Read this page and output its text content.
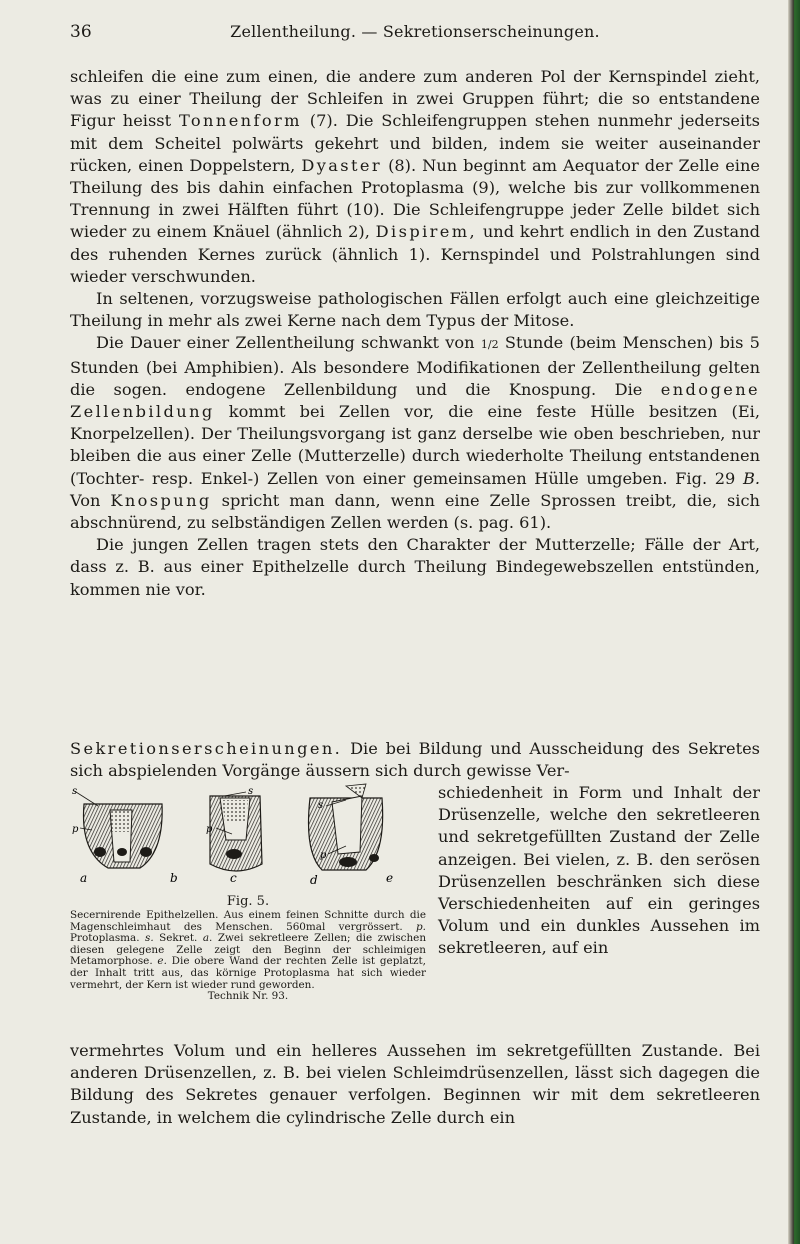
36	Zellentheilung. — Sekretionserscheinungen.

schleifen die eine zum einen, die andere zum anderen Pol der Kernspindel zieht, was zu einer Theilung der Schleifen in zwei Gruppen führt; die so entstandene Figur heisst Tonnenform (7). Die Schleifengruppen stehen nunmehr jederseits mit dem Scheitel polwärts gekehrt und bilden, indem sie weiter auseinander rücken, einen Doppelstern, Dyaster (8). Nun beginnt am Aequator der Zelle eine Theilung des bis dahin einfachen Protoplasma (9), welche bis zur vollkommenen Trennung in zwei Hälften führt (10). Die Schleifengruppe jeder Zelle bildet sich wieder zu einem Knäuel (ähnlich 2), Dispirem, und kehrt endlich in den Zustand des ruhenden Kernes zurück (ähnlich 1). Kernspindel und Polstrahlungen sind wieder verschwunden.

In seltenen, vorzugsweise pathologischen Fällen erfolgt auch eine gleichzeitige Theilung in mehr als zwei Kerne nach dem Typus der Mitose.

Die Dauer einer Zellentheilung schwankt von 1/2 Stunde (beim Menschen) bis 5 Stunden (bei Amphibien). Als besondere Modifikationen der Zellentheilung gelten die sogen. endogene Zellenbildung und die Knospung. Die endogene Zellenbildung kommt bei Zellen vor, die eine feste Hülle besitzen (Ei, Knorpelzellen). Der Theilungsvorgang ist ganz derselbe wie oben beschrieben, nur bleiben die aus einer Zelle (Mutterzelle) durch wiederholte Theilung entstandenen (Tochter- resp. Enkel-) Zellen von einer gemeinsamen Hülle umgeben. Fig. 29 B. Von Knospung spricht man dann, wenn eine Zelle Sprossen treibt, die, sich abschnürend, zu selbständigen Zellen werden (s. pag. 61).

Die jungen Zellen tragen stets den Charakter der Mutterzelle; Fälle der Art, dass z. B. aus einer Epithelzelle durch Theilung Bindegewebszellen entstünden, kommen nie vor.

Sekretionserscheinungen. Die bei Bildung und Ausscheidung des Sekretes sich abspielenden Vorgänge äussern sich durch gewisse Ver-

s
p
a	b
s
p
c
s
p
d	e
Fig. 5.
Secernirende Epithelzellen. Aus einem feinen Schnitte durch die Magenschleimhaut des Menschen. 560mal vergrössert. p. Protoplasma. s. Sekret. a. Zwei sekretleere Zellen; die zwischen diesen gelegene Zelle zeigt den Beginn der schleimigen Metamorphose. e. Die obere Wand der rechten Zelle ist geplatzt, der Inhalt tritt aus, das körnige Protoplasma hat sich wieder vermehrt, der Kern ist wieder rund geworden.
Technik Nr. 93.

schiedenheit in Form und Inhalt der Drüsenzelle, welche den sekretleeren und sekretgefüllten Zustand der Zelle anzeigen. Bei vielen, z. B. den serösen Drüsenzellen beschränken sich diese Verschiedenheiten auf ein geringes Volum und ein dunkles Aussehen im sekretleeren, auf ein

vermehrtes Volum und ein helleres Aussehen im sekretgefüllten Zustande. Bei anderen Drüsenzellen, z. B. bei vielen Schleimdrüsenzellen, lässt sich dagegen die Bildung des Sekretes genauer verfolgen. Beginnen wir mit dem sekretleeren Zustande, in welchem die cylindrische Zelle durch ein
